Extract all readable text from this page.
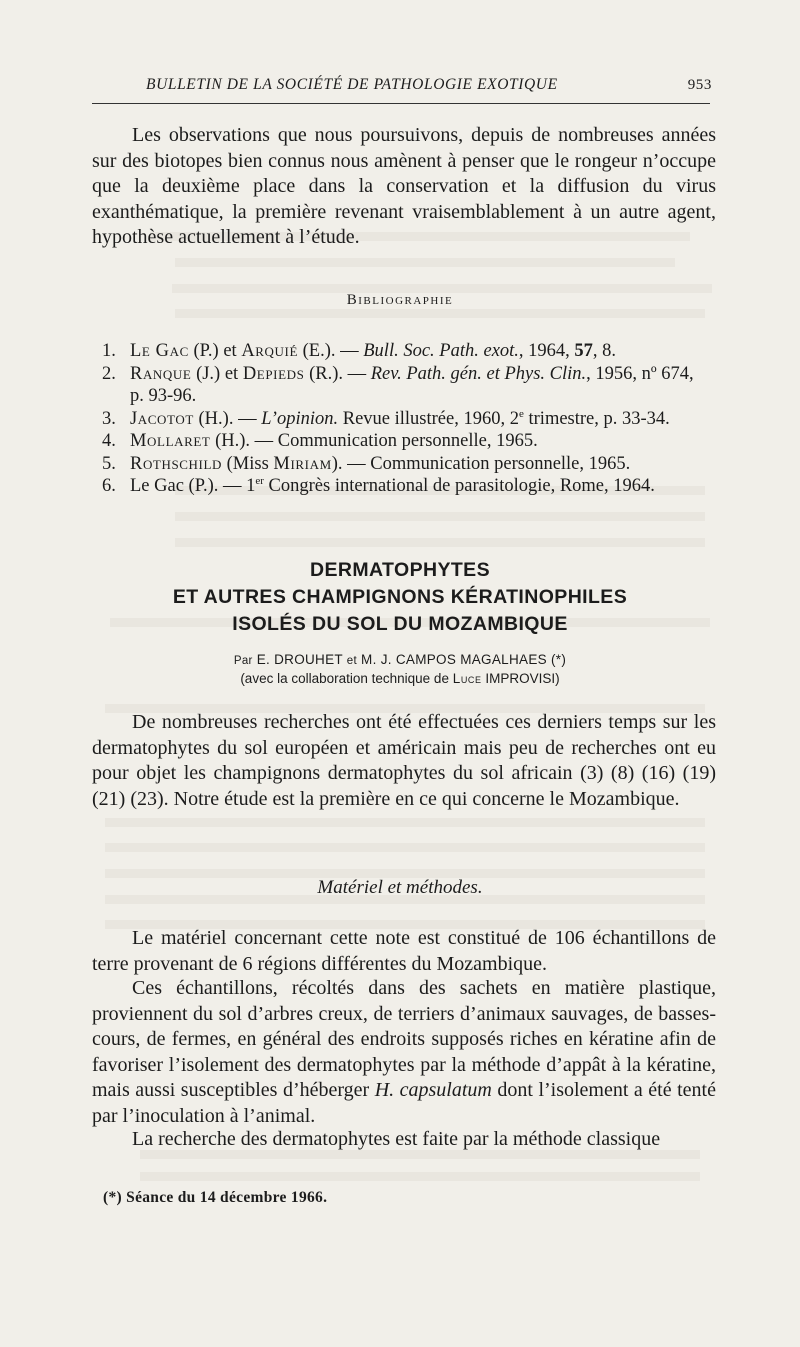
BULLETIN DE LA SOCIÉTÉ DE PATHOLOGIE EXOTIQUE	953

Les observations que nous poursuivons, depuis de nombreuses années sur des biotopes bien connus nous amènent à penser que le rongeur n’occupe que la deuxième place dans la conservation et la diffusion du virus exanthématique, la première revenant vraisemblablement à un autre agent, hypothèse actuellement à l’étude.

Bibliographie
1. Le Gac (P.) et Arquié (E.). — Bull. Soc. Path. exot., 1964, 57, 8.
2. Ranque (J.) et Depieds (R.). — Rev. Path. gén. et Phys. Clin., 1956, nº 674, p. 93-96.
3. Jacotot (H.). — L’opinion. Revue illustrée, 1960, 2e trimestre, p. 33-34.
4. Mollaret (H.). — Communication personnelle, 1965.
5. Rothschild (Miss Miriam). — Communication personnelle, 1965.
6. Le Gac (P.). — 1er Congrès international de parasitologie, Rome, 1964.
DERMATOPHYTES
ET AUTRES CHAMPIGNONS KÉRATINOPHILES
ISOLÉS DU SOL DU MOZAMBIQUE
Par E. DROUHET et M. J. CAMPOS MAGALHAES (*)
(avec la collaboration technique de Luce IMPROVISI)

De nombreuses recherches ont été effectuées ces derniers temps sur les dermatophytes du sol européen et américain mais peu de recherches ont eu pour objet les champignons dermatophytes du sol africain (3) (8) (16) (19) (21) (23). Notre étude est la première en ce qui concerne le Mozambique.

Matériel et méthodes.

Le matériel concernant cette note est constitué de 106 échantillons de terre provenant de 6 régions différentes du Mozambique.

Ces échantillons, récoltés dans des sachets en matière plastique, proviennent du sol d’arbres creux, de terriers d’animaux sauvages, de basses-cours, de fermes, en général des endroits supposés riches en kératine afin de favoriser l’isolement des dermatophytes par la méthode d’appât à la kératine, mais aussi susceptibles d’héberger H. capsulatum dont l’isolement a été tenté par l’inoculation à l’animal.

La recherche des dermatophytes est faite par la méthode classique

(*) Séance du 14 décembre 1966.
